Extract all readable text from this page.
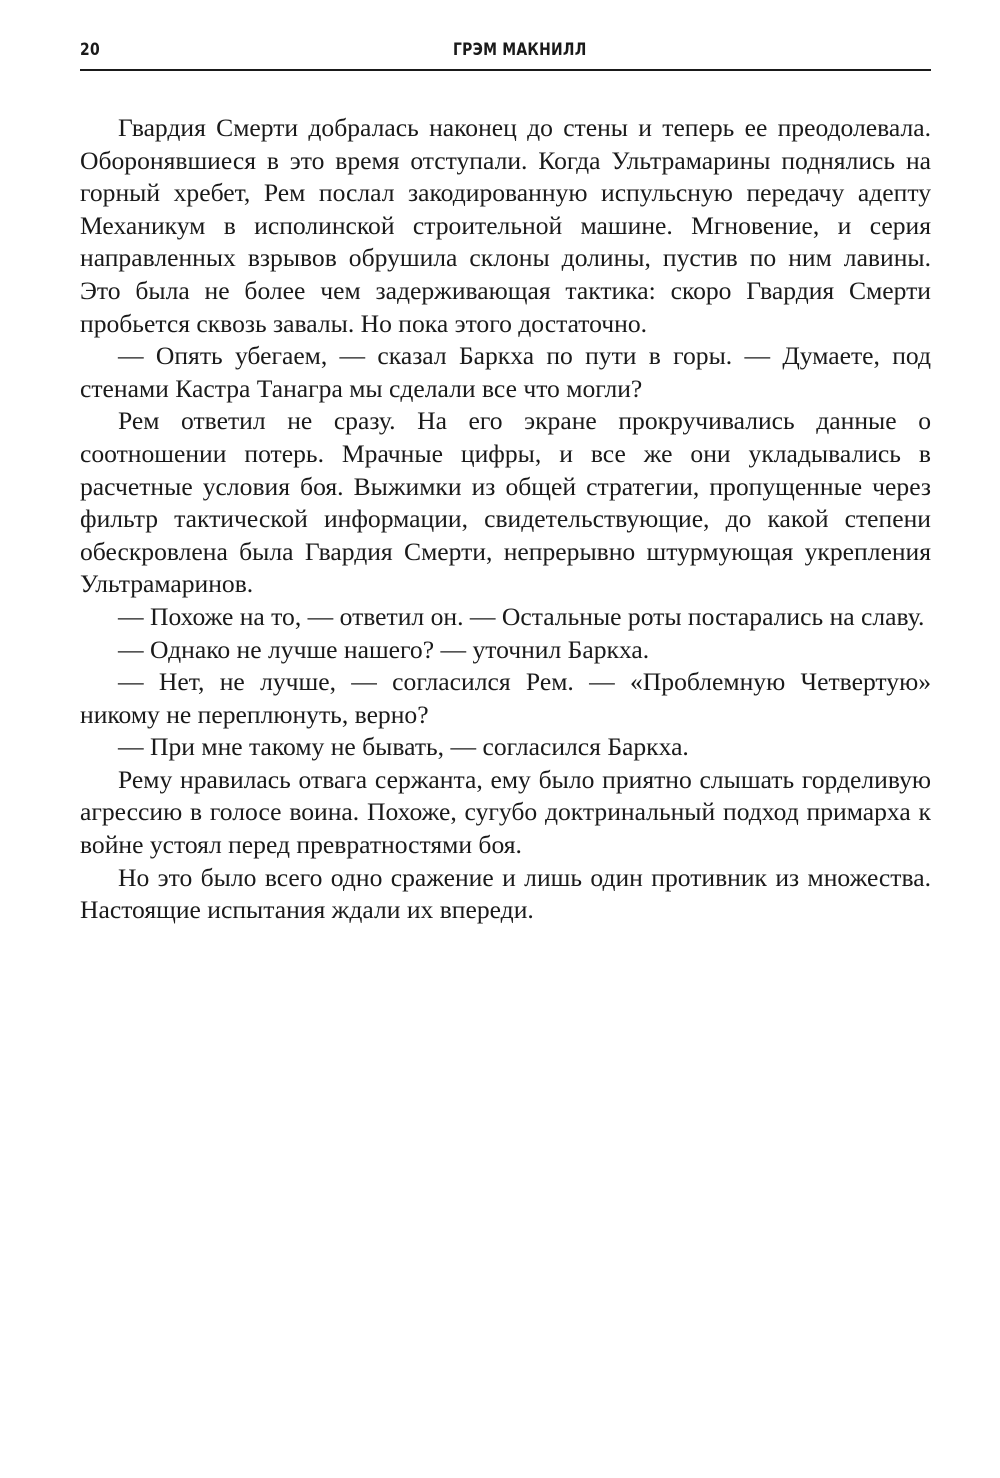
20	ГРЭМ МАКНИЛЛ

Гвардия Смерти добралась наконец до стены и теперь ее преодолевала. Оборонявшиеся в это время отступали. Когда Ультрамарины поднялись на горный хребет, Рем послал закодированную испульсную передачу адепту Механикум в исполинской строительной машине. Мгновение, и серия направленных взрывов обрушила склоны долины, пустив по ним лавины. Это была не более чем задерживающая тактика: скоро Гвардия Смерти пробьется сквозь завалы. Но пока этого достаточно.

— Опять убегаем, — сказал Баркха по пути в горы. — Думаете, под стенами Кастра Танагра мы сделали все что могли?

Рем ответил не сразу. На его экране прокручивались данные о соотношении потерь. Мрачные цифры, и все же они укладывались в расчетные условия боя. Выжимки из общей стратегии, пропущенные через фильтр тактической информации, свидетельствующие, до какой степени обескровлена была Гвардия Смерти, непрерывно штурмующая укрепления Ультрамаринов.

— Похоже на то, — ответил он. — Остальные роты постарались на славу.

— Однако не лучше нашего? — уточнил Баркха.

— Нет, не лучше, — согласился Рем. — «Проблемную Четвертую» никому не переплюнуть, верно?

— При мне такому не бывать, — согласился Баркха.

Рему нравилась отвага сержанта, ему было приятно слышать горделивую агрессию в голосе воина. Похоже, сугубо доктринальный подход примарха к войне устоял перед превратностями боя.

Но это было всего одно сражение и лишь один противник из множества. Настоящие испытания ждали их впереди.
